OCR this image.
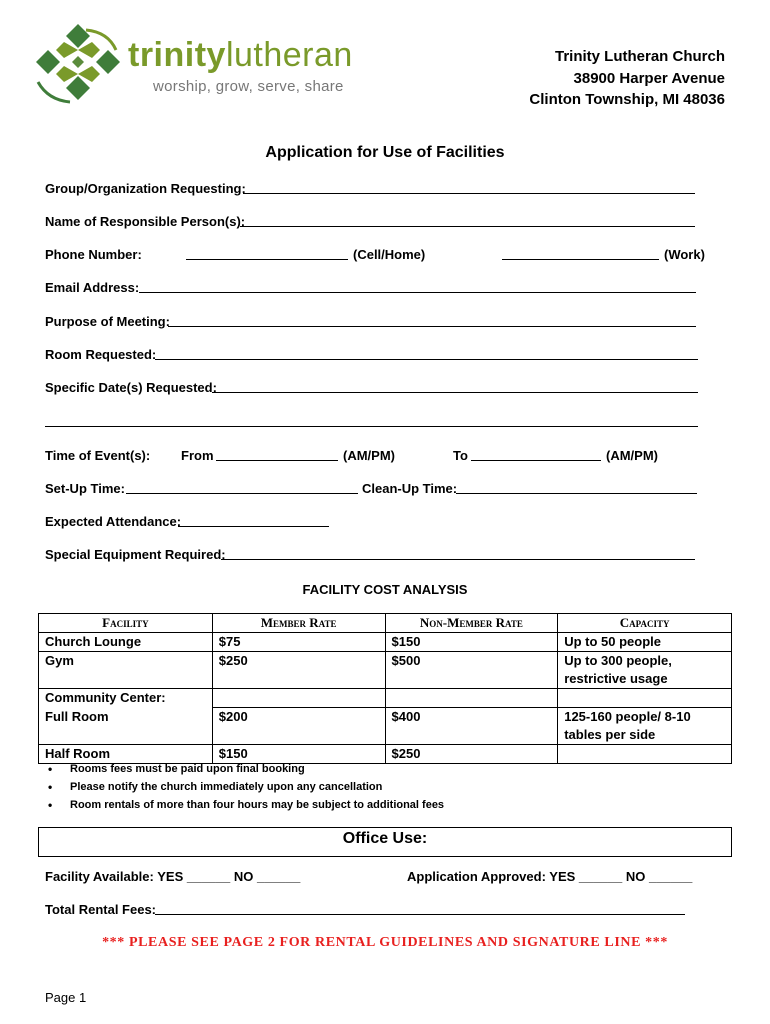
trinitylutheran
worship, grow, serve, share
Trinity Lutheran Church
38900 Harper Avenue
Clinton Township, MI 48036
Application for Use of Facilities
Group/Organization Requesting:
Name of Responsible Person(s):
Phone Number:	(Cell/Home)	(Work)
Email Address:
Purpose of Meeting:
Room Requested:
Specific Date(s) Requested:
Time of Event(s): From	(AM/PM)	To	(AM/PM)
Set-Up Time:	Clean-Up Time:
Expected Attendance:
Special Equipment Required:
FACILITY COST ANALYSIS
Facility	Member Rate	Non-Member Rate	Capacity
Church Lounge	$75	$150	Up to 50 people
Gym	$250	$500	Up to 300 people,
			restrictive usage
Community Center:			
Full Room	$200	$400	125-160 people/ 8-10
			tables per side
Half Room	$150	$250	
• Rooms fees must be paid upon final booking
• Please notify the church immediately upon any cancellation
• Room rentals of more than four hours may be subject to additional fees
Office Use:
Facility Available: YES ______ NO ______	Application Approved: YES ______ NO ______
Total Rental Fees:
*** PLEASE SEE PAGE 2 FOR RENTAL GUIDELINES AND SIGNATURE LINE ***
Page 1
